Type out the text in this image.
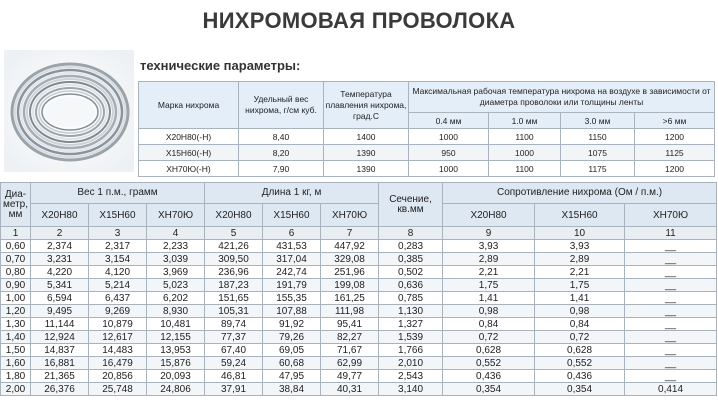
НИХРОМОВАЯ ПРОВОЛОКА
технические параметры:
Марка нихрома	Удельный вес нихрома, г/см куб.	Температура плавления нихрома, град.С	Максимальная рабочая температура нихрома на воздухе в зависимости от диаметра проволоки или толщины ленты			
			0.4 мм	1.0 мм	3.0 мм	>6 мм
Х20Н80(-Н)	8,40	1400	1000	1100	1150	1200
Х15Н60(-Н)	8,20	1390	950	1000	1075	1125
ХН70Ю(-Н)	7,90	1390	1000	1100	1175	1200
Диа-метр, мм	Вес 1 п.м., грамм			Длина 1 кг, м			Сечение, кв.мм	Сопротивление нихрома (Ом / п.м.)		
	Х20Н80	Х15Н60	ХН70Ю	Х20Н80	Х15Н60	ХН70Ю		Х20Н80	Х15Н60	ХН70Ю
1	2	3	4	5	6	7	8	9	10	11
0,60	2,374	2,317	2,233	421,26	431,53	447,92	0,283	3,93	3,93	__
0,70	3,231	3,154	3,039	309,50	317,04	329,08	0,385	2,89	2,89	__
0,80	4,220	4,120	3,969	236,96	242,74	251,96	0,502	2,21	2,21	__
0,90	5,341	5,214	5,023	187,23	191,79	199,08	0,636	1,75	1,75	__
1,00	6,594	6,437	6,202	151,65	155,35	161,25	0,785	1,41	1,41	__
1,20	9,495	9,269	8,930	105,31	107,88	111,98	1,130	0,98	0,98	__
1,30	11,144	10,879	10,481	89,74	91,92	95,41	1,327	0,84	0,84	__
1,40	12,924	12,617	12,155	77,37	79,26	82,27	1,539	0,72	0,72	__
1,50	14,837	14,483	13,953	67,40	69,05	71,67	1,766	0,628	0,628	__
1,60	16,881	16,479	15,876	59,24	60,68	62,99	2,010	0,552	0,552	__
1,80	21,365	20,856	20,093	46,81	47,95	49,77	2,543	0,436	0,436	__
2,00	26,376	25,748	24,806	37,91	38,84	40,31	3,140	0,354	0,354	0,414
